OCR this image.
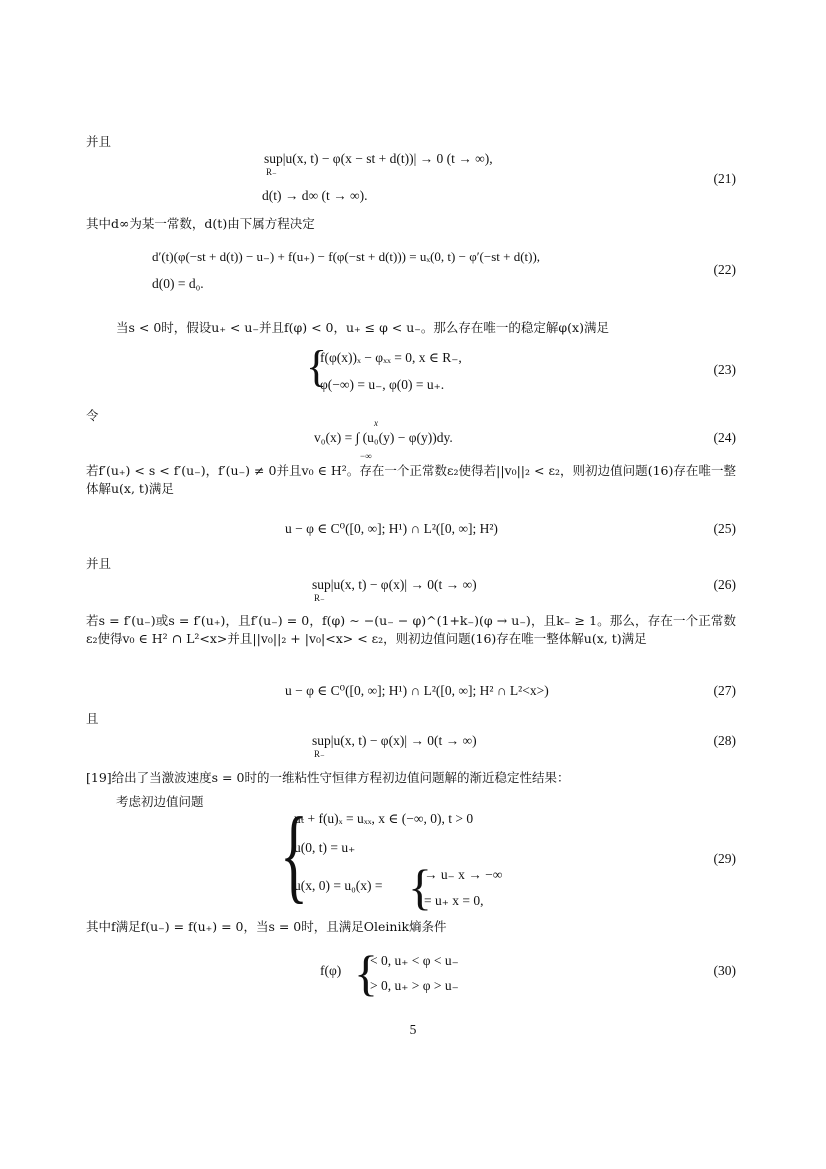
并且
sup|u(x, t) − φ(x − st + d(t))| → 0 (t → ∞),
R₋
d(t) → d∞ (t → ∞).
(21)
其中d∞为某一常数，d(t)由下属方程决定
d′(t)(φ(−st + d(t)) − u₋) + f(u₊) − f(φ(−st + d(t))) = uₓ(0, t) − φ′(−st + d(t)),
d(0) = d₀.
(22)
当s < 0时，假设u₊ < u₋并且f(φ) < 0，u₊ ≤ φ < u₋。那么存在唯一的稳定解φ(x)满足
{
f(φ(x))ₓ − φₓₓ = 0, x ∈ R₋,
φ(−∞) = u₋, φ(0) = u₊.
(23)
令
v₀(x) = ∫ (u₀(y) − φ(y))dy.
x
−∞
(24)
若f′(u₊) < s < f′(u₋)，f′(u₋) ≠ 0并且v₀ ∈ H²。存在一个正常数ε₂使得若||v₀||₂ < ε₂，则初边值问题(16)存在唯一整体解u(x, t)满足
u − φ ∈ C⁰([0, ∞]; H¹) ∩ L²([0, ∞]; H²)	(25)
并且
sup|u(x, t) − φ(x)| → 0(t → ∞)
R₋
(26)
若s = f′(u₋)或s = f′(u₊)，且f′(u₋) = 0，f(φ) ∼ −(u₋ − φ)^(1+k₋)(φ → u₋)，且k₋ ≥ 1。那么，存在一个正常数ε₂使得v₀ ∈ H² ∩ L²<x>并且||v₀||₂ + |v₀|<x> < ε₂，则初边值问题(16)存在唯一整体解u(x, t)满足
u − φ ∈ C⁰([0, ∞]; H¹) ∩ L²([0, ∞]; H² ∩ L²<x>)	(27)
且
sup|u(x, t) − φ(x)| → 0(t → ∞)
R₋
(28)
[19]给出了当激波速度s = 0时的一维粘性守恒律方程初边值问题解的渐近稳定性结果：
考虑初边值问题 {
uₜ + f(u)ₓ = uₓₓ, x ∈ (−∞, 0), t > 0
u(0, t) = u₊
u(x, 0) = u₀(x) = {
→ u₋ x → −∞
= u₊ x = 0,
(29)
其中f满足f(u₋) = f(u₊) = 0，当s = 0时，且满足Oleinik熵条件
f(φ) {
< 0, u₊ < φ < u₋
> 0, u₊ > φ > u₋
(30)
5
